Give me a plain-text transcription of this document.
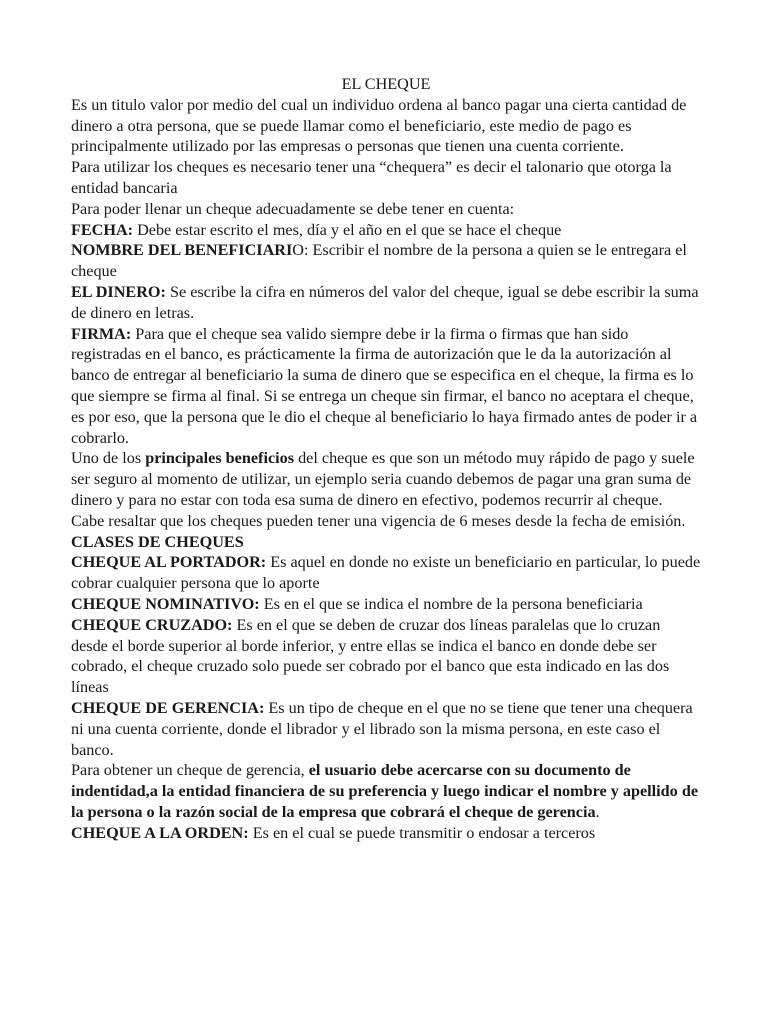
EL CHEQUE

Es un titulo valor por medio del cual un individuo ordena al banco pagar una cierta cantidad de dinero a otra persona, que se puede llamar como el beneficiario, este medio de pago es principalmente utilizado por las empresas o personas que tienen una cuenta corriente.

Para utilizar los cheques es necesario tener una “chequera” es decir el talonario que otorga la entidad bancaria

Para poder llenar un cheque adecuadamente se debe tener en cuenta:

FECHA: Debe estar escrito el mes, día y el año en el que se hace el cheque

NOMBRE DEL BENEFICIARIO: Escribir el nombre de la persona a quien se le entregara el cheque

EL DINERO: Se escribe la cifra en números del valor del cheque, igual se debe escribir la suma de dinero en letras.

FIRMA: Para que el cheque sea valido siempre debe ir la firma o firmas que han sido registradas en el banco, es prácticamente la firma de autorización que le da la autorización al banco de entregar al beneficiario la suma de dinero que se especifica en el cheque, la firma es lo que siempre se firma al final. Si se entrega un cheque sin firmar, el banco no aceptara el cheque, es por eso, que la persona que le dio el cheque al beneficiario lo haya firmado antes de poder ir a cobrarlo.

Uno de los principales beneficios del cheque es que son un método muy rápido de pago y suele ser seguro al momento de utilizar, un ejemplo seria cuando debemos de pagar una gran suma de dinero y para no estar con toda esa suma de dinero en efectivo, podemos recurrir al cheque.

Cabe resaltar que los cheques pueden tener una vigencia de 6 meses desde la fecha de emisión.

CLASES DE CHEQUES

CHEQUE AL PORTADOR: Es aquel en donde no existe un beneficiario en particular, lo puede cobrar cualquier persona que lo aporte

CHEQUE NOMINATIVO: Es en el que se indica el nombre de la persona beneficiaria

CHEQUE CRUZADO: Es en el que se deben de cruzar dos líneas paralelas que lo cruzan desde el borde superior al borde inferior, y entre ellas se indica el banco en donde debe ser cobrado, el cheque cruzado solo puede ser cobrado por el banco que esta indicado en las dos líneas

CHEQUE DE GERENCIA: Es un tipo de cheque en el que no se tiene que tener una chequera ni una cuenta corriente, donde el librador y el librado son la misma persona, en este caso el banco.

Para obtener un cheque de gerencia, el usuario debe acercarse con su documento de indentidad,a la entidad financiera de su preferencia y luego indicar el nombre y apellido de la persona o la razón social de la empresa que cobrará el cheque de gerencia.

CHEQUE A LA ORDEN: Es en el cual se puede transmitir o endosar a terceros
